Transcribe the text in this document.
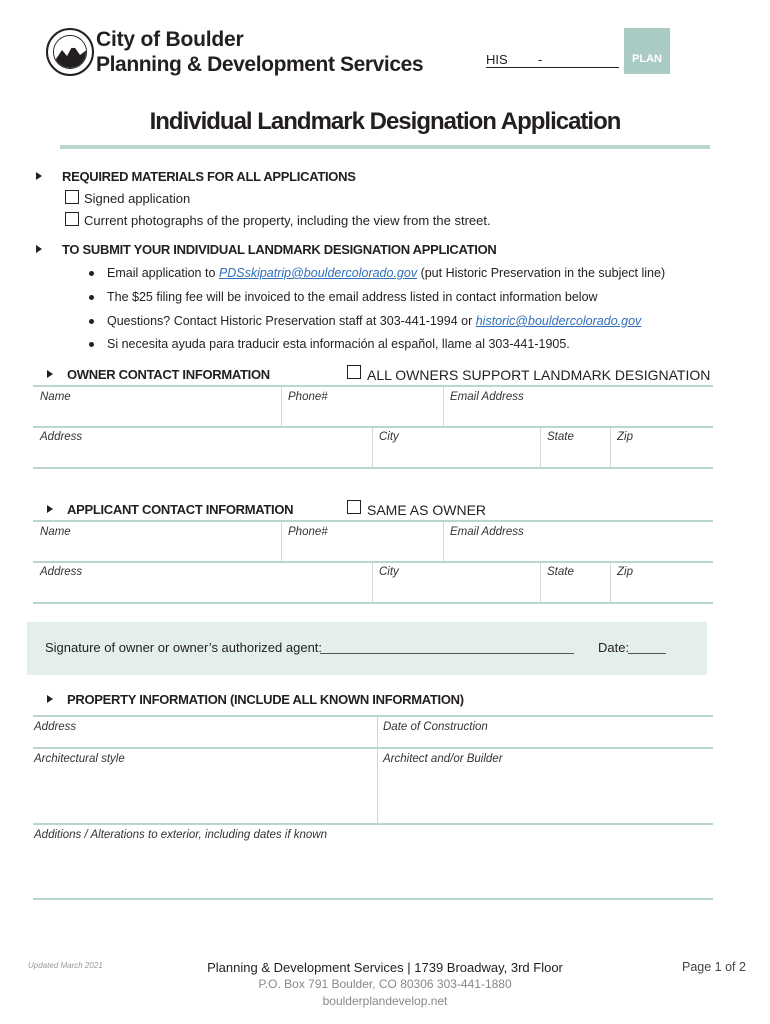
City of Boulder
Planning & Development Services	HIS -	PLAN
Individual Landmark Designation Application
REQUIRED MATERIALS FOR ALL APPLICATIONS
Signed application
Current photographs of the property, including the view from the street.
TO SUBMIT YOUR INDIVIDUAL LANDMARK DESIGNATION APPLICATION
Email application to PDSskipatrip@bouldercolorado.gov (put Historic Preservation in the subject line)
The $25 filing fee will be invoiced to the email address listed in contact information below
Questions? Contact Historic Preservation staff at 303-441-1994 or historic@bouldercolorado.gov
Si necesita ayuda para traducir esta información al español, llame al 303-441-1905.
OWNER CONTACT INFORMATION	ALL OWNERS SUPPORT LANDMARK DESIGNATION
Name	Phone#	Email Address
Address	City	State	Zip
APPLICANT CONTACT INFORMATION	SAME AS OWNER
Name	Phone#	Email Address
Address	City	State	Zip
Signature of owner or owner’s authorized agent:	Date:
PROPERTY INFORMATION (INCLUDE ALL KNOWN INFORMATION)
Address	Date of Construction
Architectural style	Architect and/or Builder
Additions / Alterations to exterior, including dates if known
Updated March 2021	Planning & Development Services | 1739 Broadway, 3rd Floor
P.O. Box 791 Boulder, CO 80306 303-441-1880
boulderplandevelop.net
Page 1 of 2
